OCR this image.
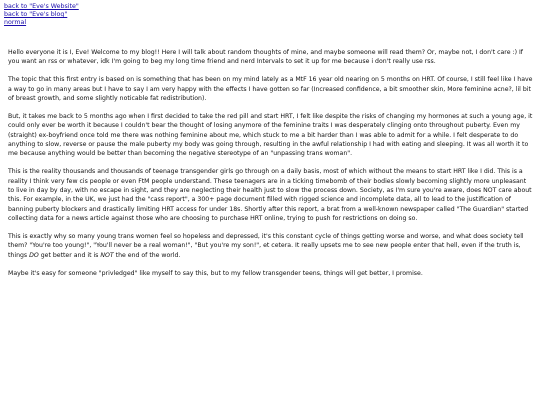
back to "Eve's Website"
back to "Eve's blog"
normal

Hello everyone it is I, Eve! Welcome to my blog!! Here I will talk about random thoughts of mine, and maybe someone will read them? Or, maybe not, I don't care :) If you want an rss or whatever, idk I'm going to beg my long time friend and nerd Intervals to set it up for me because i don't really use rss.

The topic that this first entry is based on is something that has been on my mind lately as a MtF 16 year old nearing on 5 months on HRT. Of course, I still feel like I have a way to go in many areas but I have to say I am very happy with the effects I have gotten so far (Increased confidence, a bit smoother skin, More feminine acne?, lil bit of breast growth, and some slightly noticable fat redistribution).

But, it takes me back to 5 months ago when I first decided to take the red pill and start HRT, I felt like despite the risks of changing my hormones at such a young age, it could only ever be worth it because I couldn't bear the thought of losing anymore of the feminine traits I was desperately clinging onto throughout puberty. Even my (straight) ex-boyfriend once told me there was nothing feminine about me, which stuck to me a bit harder than I was able to admit for a while. I felt desperate to do anything to slow, reverse or pause the male puberty my body was going through, resulting in the awful relationship I had with eating and sleeping. It was all worth it to me because anything would be better than becoming the negative stereotype of an "unpassing trans woman".

This is the reality thousands and thousands of teenage transgender girls go through on a daily basis, most of which without the means to start HRT like I did. This is a reality I think very few cis people or even FtM people understand. These teenagers are in a ticking timebomb of their bodies slowly becoming slightly more unpleasant to live in day by day, with no escape in sight, and they are neglecting their health just to slow the process down. Society, as I'm sure you're aware, does NOT care about this. For example, in the UK, we just had the "cass report", a 300+ page document filled with rigged science and incomplete data, all to lead to the justification of banning puberty blockers and drastically limiting HRT access for under 18s. Shortly after this report, a brat from a well-known newspaper called "The Guardian" started collecting data for a news article against those who are choosing to purchase HRT online, trying to push for restrictions on doing so.

This is exactly why so many young trans women feel so hopeless and depressed, it's this constant cycle of things getting worse and worse, and what does society tell them? "You're too young!", "You'll never be a real woman!", "But you're my son!", et cetera. It really upsets me to see new people enter that hell, even if the truth is, things DO get better and it is NOT the end of the world.

Maybe it's easy for someone "privledged" like myself to say this, but to my fellow transgender teens, things will get better, I promise.
